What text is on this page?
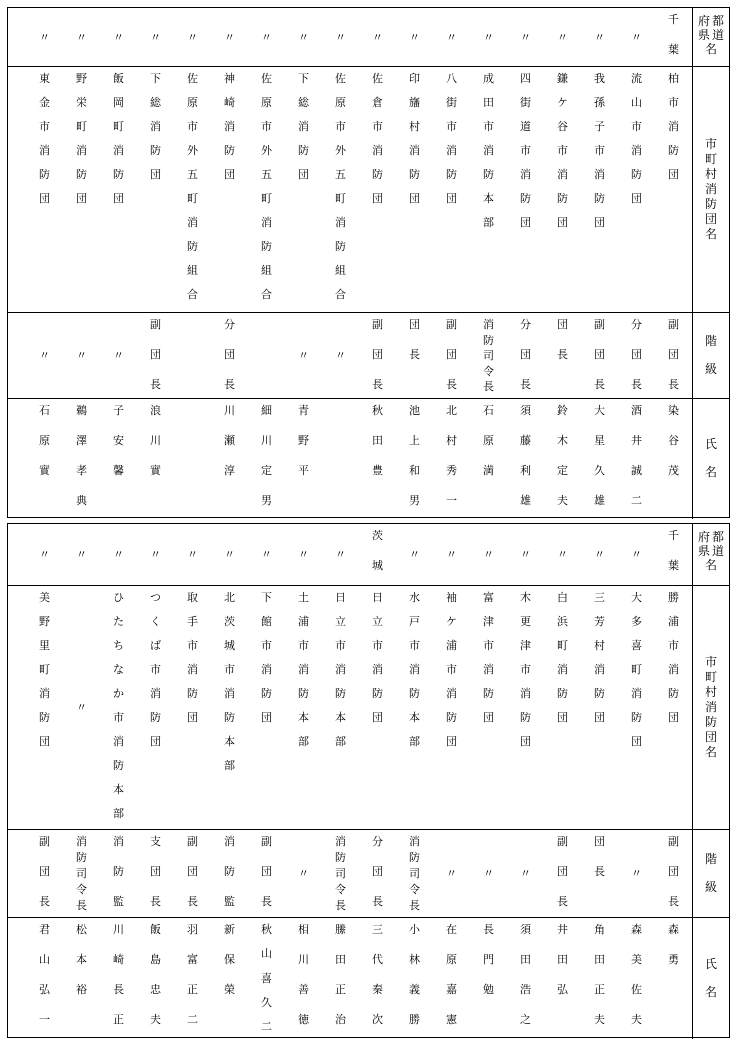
府 都
県 道
名
千
葉
〃
〃
〃
〃
〃
〃
〃
〃
〃
〃
〃
〃
〃
〃
〃
〃
〃
市
町
村
消
防
団
名
柏
市
消
防
団
流
山
市
消
防
団
我
孫
子
市
消
防
団
鎌
ケ
谷
市
消
防
団
四
街
道
市
消
防
団
成
田
市
消
防
本
部
八
街
市
消
防
団
印
旛
村
消
防
団
佐
倉
市
消
防
団
佐
原
市
外
五
町
消
防
組
合
下
総
消
防
団
佐
原
市
外
五
町
消
防
組
合
神
崎
消
防
団
佐
原
市
外
五
町
消
防
組
合
下
総
消
防
団
飯
岡
町
消
防
団
野
栄
町
消
防
団
東
金
市
消
防
団
階
級
副
団
長
分
団
長
副
団
長
団
長
分
団
長
消
防
司
令
長
副
団
長
団
長
副
団
長
〃
〃
分
団
長
副
団
長
〃
〃
〃
氏
名
染
谷
茂
酒
井
誠
二
大
星
久
雄
鈴
木
定
夫
須
藤
利
雄
石
原
満
北
村
秀
一
池
上
和
男
秋
田
豊
青
野
平
細
川
定
男
川
瀬
淳
浪
川
實
子
安
馨
鵜
澤
孝
典
石
原
實
府 都
県 道
名
千
葉
〃
〃
〃
〃
〃
〃
〃
茨
城
〃
〃
〃
〃
〃
〃
〃
〃
〃
市
町
村
消
防
団
名
勝
浦
市
消
防
団
大
多
喜
町
消
防
団
三
芳
村
消
防
団
白
浜
町
消
防
団
木
更
津
市
消
防
団
富
津
市
消
防
団
袖
ケ
浦
市
消
防
団
水
戸
市
消
防
本
部
日
立
市
消
防
団
日
立
市
消
防
本
部
土
浦
市
消
防
本
部
下
館
市
消
防
団
北
茨
城
市
消
防
本
部
取
手
市
消
防
団
つ
く
ば
市
消
防
団
ひ
た
ち
な
か
市
消
防
本
部
〃
美
野
里
町
消
防
団
階
級
副
団
長
〃
団
長
副
団
長
〃
〃
〃
消
防
司
令
長
分
団
長
消
防
司
令
長
〃
副
団
長
消
防
監
副
団
長
支
団
長
消
防
監
消
防
司
令
長
副
団
長
氏
名
森
勇
森
美
佐
夫
角
田
正
夫
井
田
弘
須
田
浩
之
長
門
勉
在
原
嘉
憲
小
林
義
勝
三
代
秦
次
縢
田
正
治
相
川
善
徳
秋
山
喜
久
二
新
保
榮
羽
富
正
二
飯
島
忠
夫
川
崎
長
正
松
本
裕
君
山
弘
一
